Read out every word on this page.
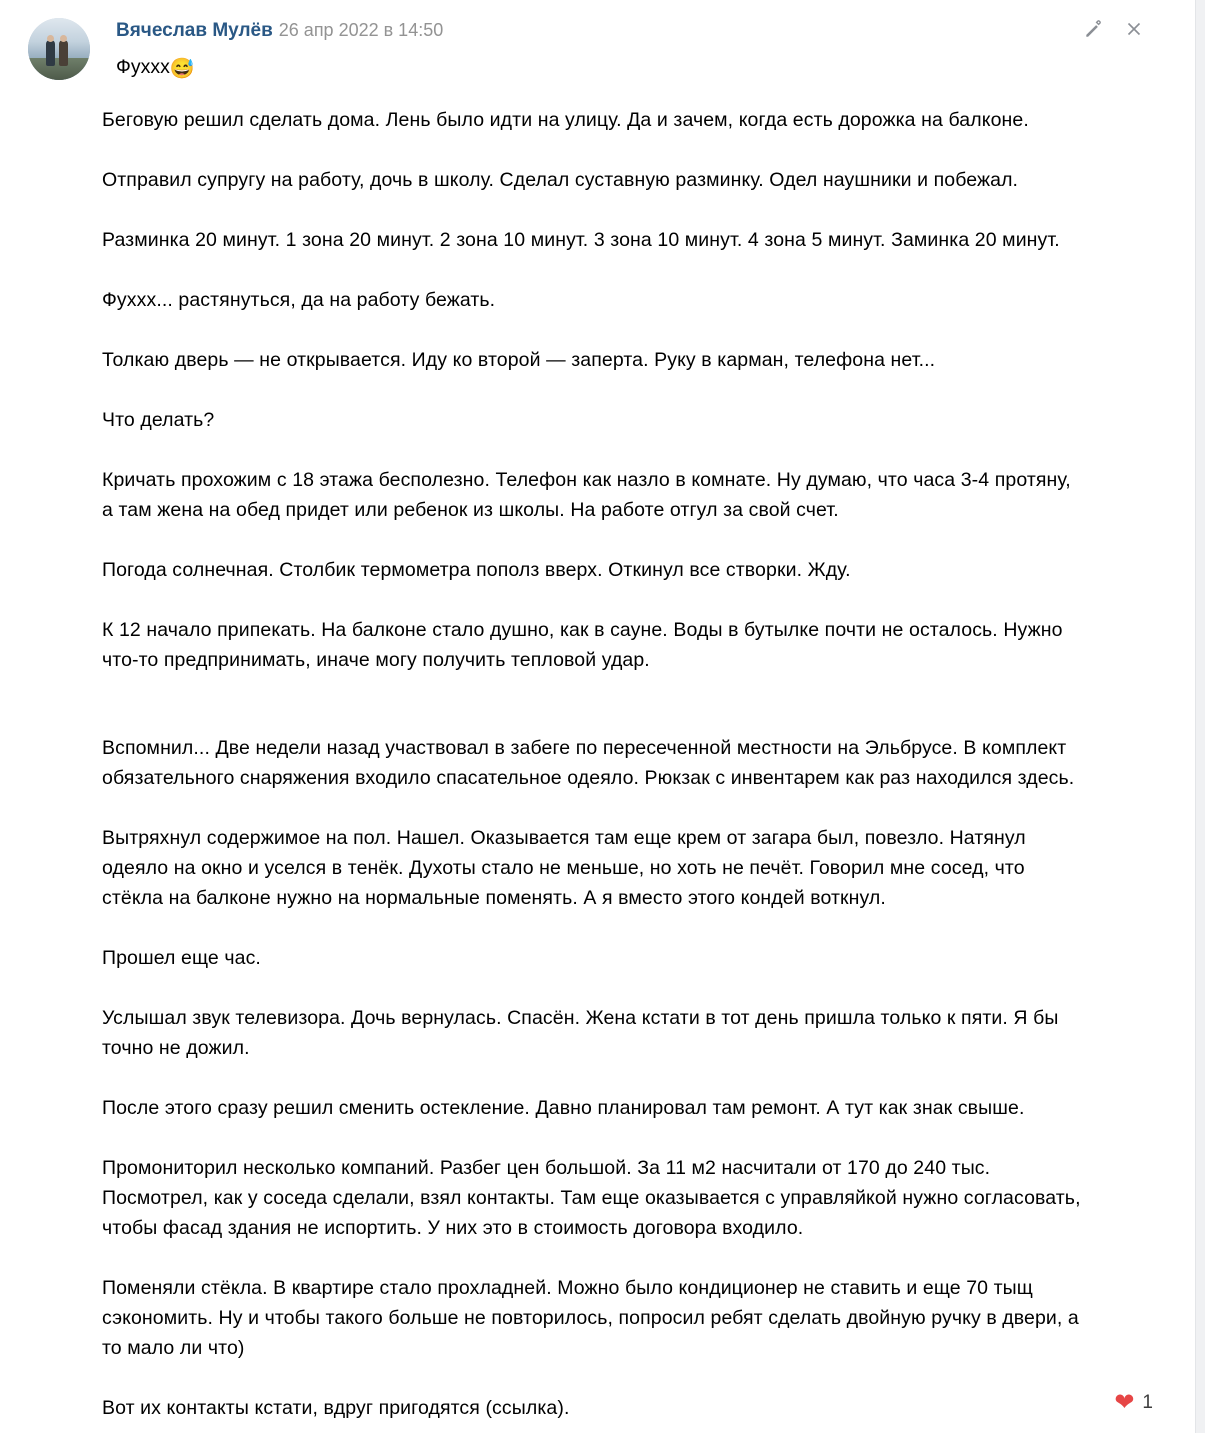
Вячеслав Мулёв 26 апр 2022 в 14:50
Фухxx😅

Беговую решил сделать дома. Лень было идти на улицу. Да и зачем, когда есть дорожка на балконе.

Отправил супругу на работу, дочь в школу. Сделал суставную разминку. Одел наушники и побежал.

Разминка 20 минут. 1 зона 20 минут. 2 зона 10 минут. 3 зона 10 минут. 4 зона 5 минут. Заминка 20 минут.

Фухxx... растянуться, да на работу бежать.

Толкаю дверь — не открывается. Иду ко второй — заперта. Руку в карман, телефона нет...

Что делать?

Кричать прохожим с 18 этажа бесполезно. Телефон как назло в комнате. Ну думаю, что часа 3-4 протяну, а там жена на обед придет или ребенок из школы. На работе отгул за свой счет.

Погода солнечная. Столбик термометра пополз вверх. Откинул все створки. Жду.

К 12 начало припекать. На балконе стало душно, как в сауне. Воды в бутылке почти не осталось. Нужно что-то предпринимать, иначе могу получить тепловой удар.

Вспомнил... Две недели назад участвовал в забеге по пересеченной местности на Эльбрусе. В комплект обязательного снаряжения входило спасательное одеяло. Рюкзак с инвентарем как раз находился здесь.

Вытряхнул содержимое на пол. Нашел. Оказывается там еще крем от загара был, повезло. Натянул одеяло на окно и уселся в тенёк. Духоты стало не меньше, но хоть не печёт. Говорил мне сосед, что стёкла на балконе нужно на нормальные поменять. А я вместо этого кондей воткнул.

Прошел еще час.

Услышал звук телевизора. Дочь вернулась. Спасён. Жена кстати в тот день пришла только к пяти. Я бы точно не дожил.

После этого сразу решил сменить остекление. Давно планировал там ремонт. А тут как знак свыше.

Промониторил несколько компаний. Разбег цен большой. За 11 м2 насчитали от 170 до 240 тыс. Посмотрел, как у соседа сделали, взял контакты. Там еще оказывается с управляйкой нужно согласовать, чтобы фасад здания не испортить. У них это в стоимость договора входило.

Поменяли стёкла. В квартире стало прохладней. Можно было кондиционер не ставить и еще 70 тыщ сэкономить. Ну и чтобы такого больше не повторилось, попросил ребят сделать двойную ручку в двери, а то мало ли что)

Вот их контакты кстати, вдруг пригодятся (ссылка).	❤ 1
